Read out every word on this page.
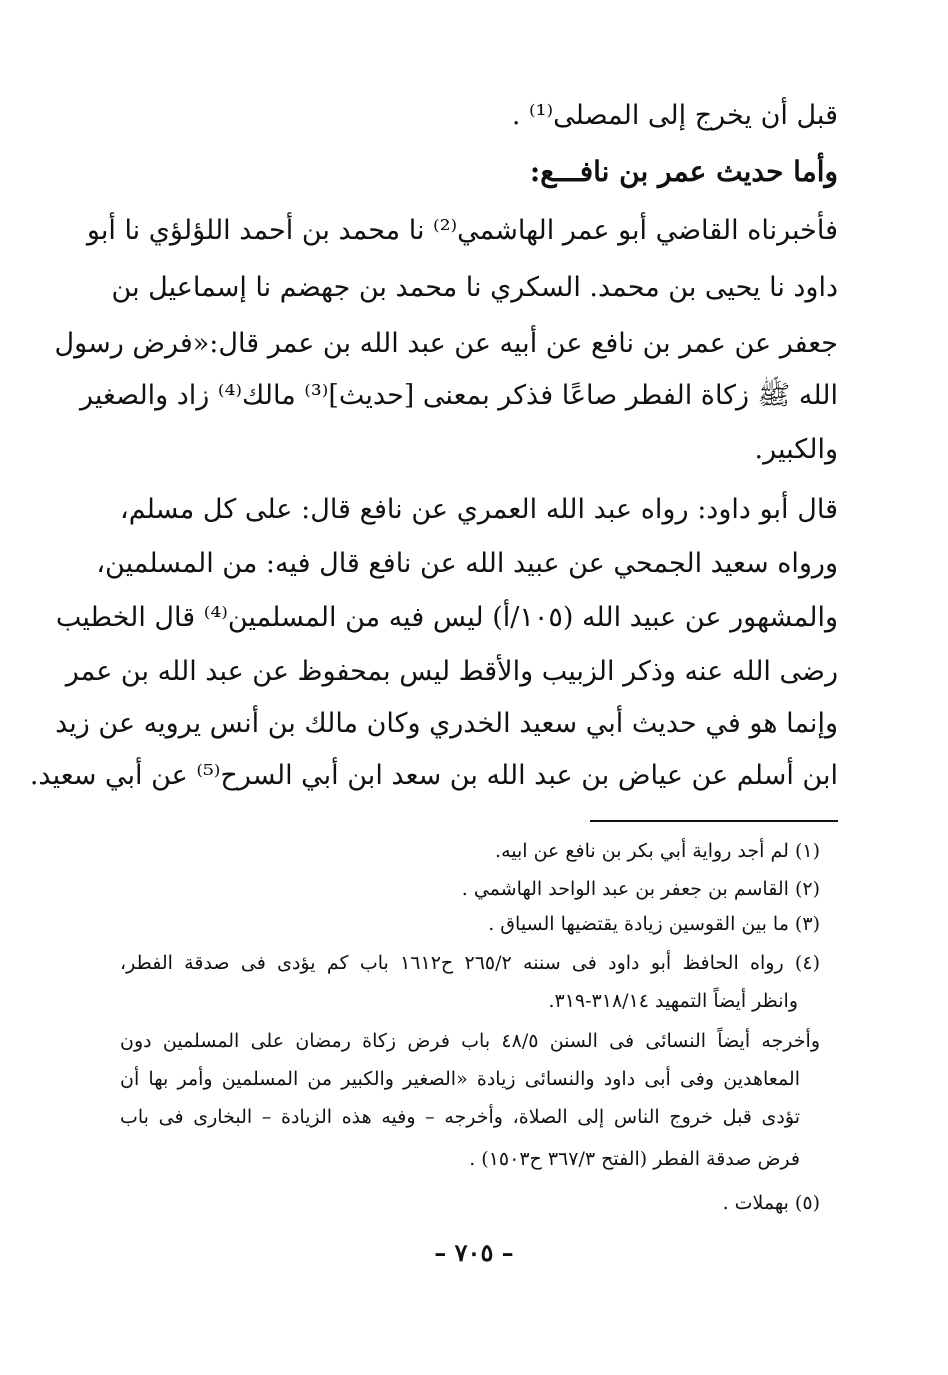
قبل أن يخرج إلى المصلى⁽¹⁾ .
وأما حديث عمر بن نافـــع:
فأخبرناه القاضي أبو عمر الهاشمي⁽²⁾ نا محمد بن أحمد اللؤلؤي نا أبو
داود نا يحيى بن محمد. السكري نا محمد بن جهضم نا إسماعيل بن
جعفر عن عمر بن نافع عن أبيه عن عبد الله بن عمر قال:«فرض رسول
الله ﷺ زكاة الفطر صاعًا فذكر بمعنى [حديث]⁽³⁾ مالك⁽⁴⁾ زاد والصغير
والكبير.
قال أبو داود: رواه عبد الله العمري عن نافع قال: على كل مسلم،
ورواه سعيد الجمحي عن عبيد الله عن نافع قال فيه: من المسلمين،
والمشهور عن عبيد الله (١٠٥/أ) ليس فيه من المسلمين⁽⁴⁾ قال الخطيب
رضى الله عنه وذكر الزبيب والأقط ليس بمحفوظ عن عبد الله بن عمر
وإنما هو في حديث أبي سعيد الخدري وكان مالك بن أنس يرويه عن زيد
ابن أسلم عن عياض بن عبد الله بن سعد ابن أبي السرح⁽⁵⁾ عن أبي سعيد.
(١) لم أجد رواية أبي بكر بن نافع عن ابيه.
(٢) القاسم بن جعفر بن عبد الواحد الهاشمي .
(٣) ما بين القوسين زيادة يقتضيها السياق .
(٤) رواه الحافظ أبو داود فى سننه ٢٦٥/٢ ح١٦١٢ باب كم يؤدى فى صدقة الفطر،
وانظر أيضاً التمهيد ٣١٨/١٤-٣١٩.
وأخرجه أيضاً النسائى فى السنن ٤٨/٥ باب فرض زكاة رمضان على المسلمين دون
المعاهدين وفى أبى داود والنسائى زيادة «الصغير والكبير من المسلمين وأمر بها أن
تؤدى قبل خروج الناس إلى الصلاة، وأخرجه – وفيه هذه الزيادة – البخارى فى باب
فرض صدقة الفطر (الفتح ٣٦٧/٣ ح١٥٠٣) .
(٥) بهملات .
– ٧٠٥ –
